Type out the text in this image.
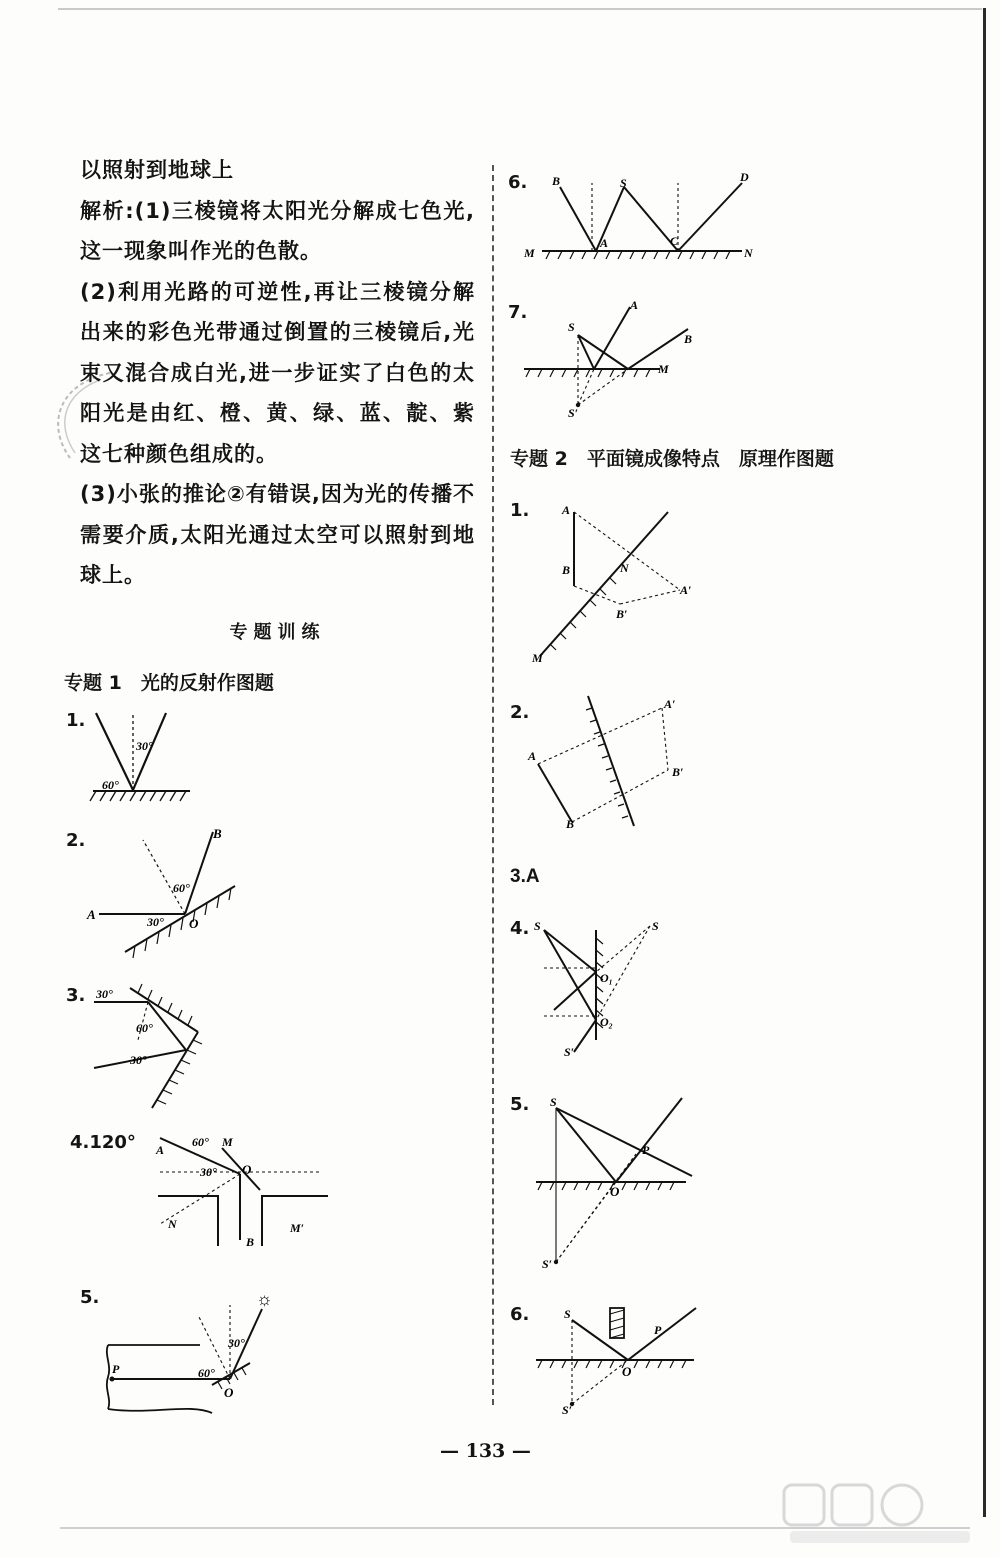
以照射到地球上

解析:(1)三棱镜将太阳光分解成七色光,这一现象叫作光的色散。

(2)利用光路的可逆性,再让三棱镜分解出来的彩色光带通过倒置的三棱镜后,光束又混合成白光,进一步证实了白色的太阳光是由红、橙、黄、绿、蓝、靛、紫这七种颜色组成的。

(3)小张的推论②有错误,因为光的传播不需要介质,太阳光通过太空可以照射到地球上。

专题训练
专题 1　光的反射作图题
1.
30°
60°
2.
A
B
O
60°
30°
3. 30°
60°
30°
4.120° A
M
O
N
B
M′
60°
30°
5.
P
O
30°
60°
☼
6. B	S	D
A	C
M	N
7.
S
A
B
M
S′
专题 2　平面镜成像特点　原理作图题
1.	A
B	N
B′
A′
M
2.	A′
A
B′
B
3.A
4. S	S
O₁
O₂
S′
5. S
P
O
S′
6.	S
P
O
S′
— 133 —
